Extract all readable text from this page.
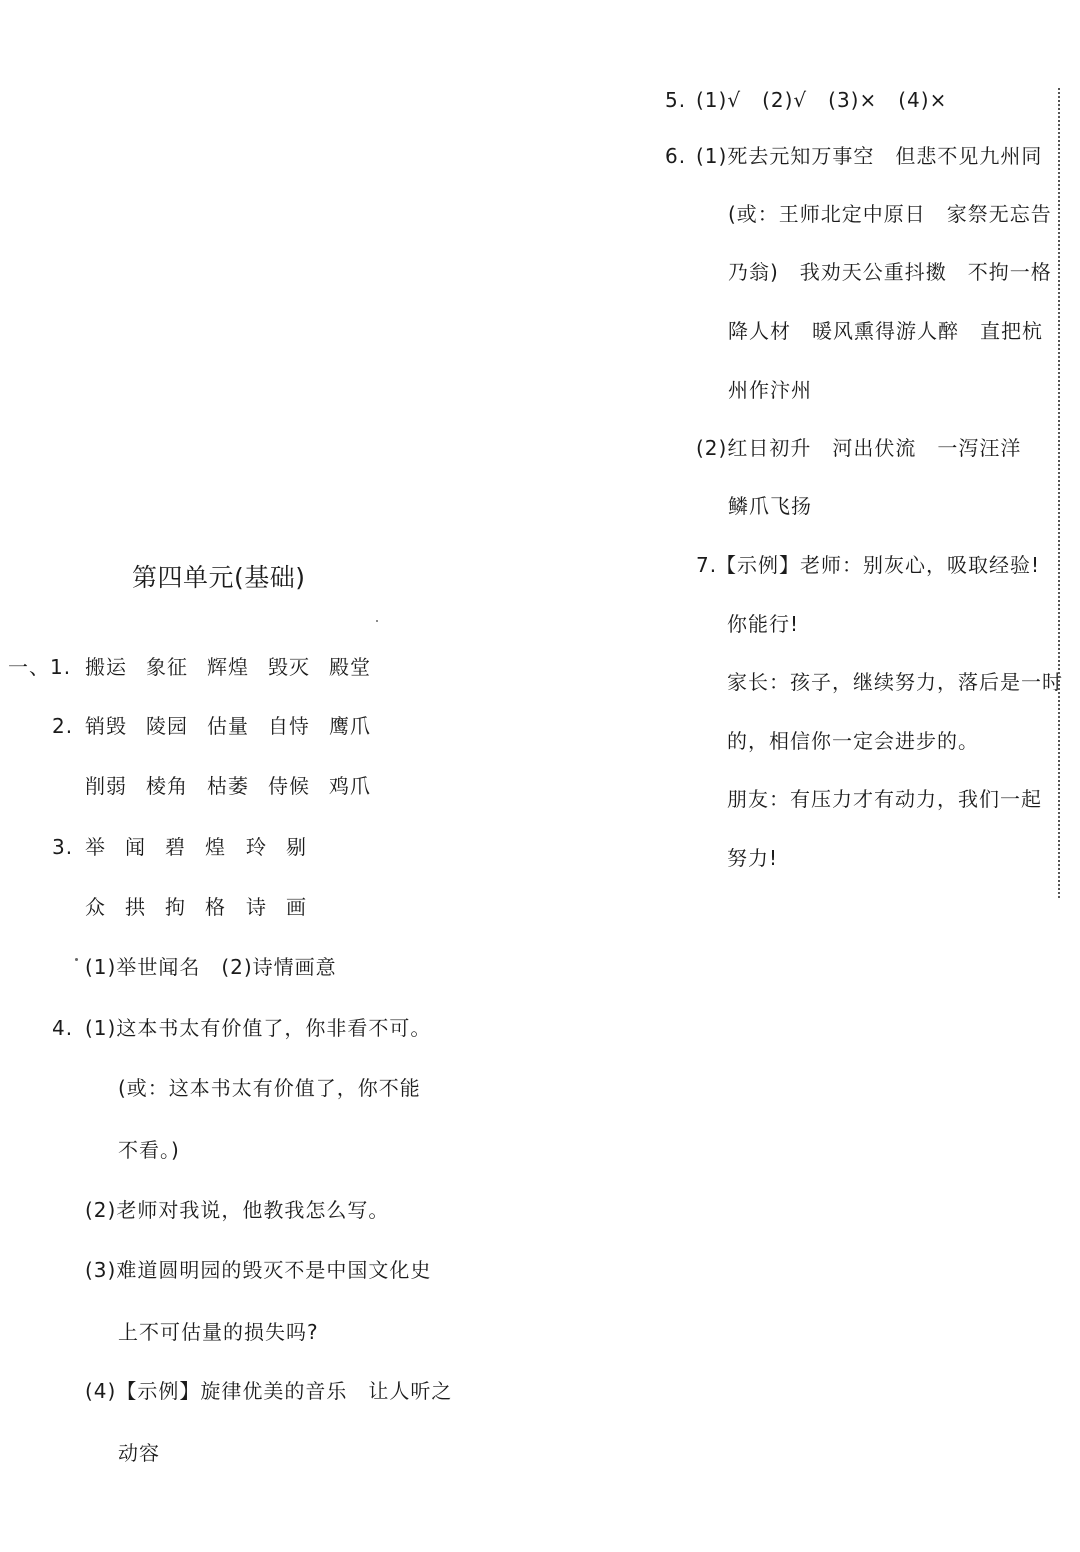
第四单元(基础)
一、1. 搬运 象征 辉煌 毁灭 殿堂
2. 销毁 陵园 估量 自恃 鹰爪
削弱 棱角 枯萎 侍候 鸡爪
3. 举 闻 碧 煌 玲 剔
众 拱 拘 格 诗 画
(1)举世闻名　(2)诗情画意
4. (1)这本书太有价值了，你非看不可。
(或：这本书太有价值了，你不能
不看。)
(2)老师对我说，他教我怎么写。
(3)难道圆明园的毁灭不是中国文化史
上不可估量的损失吗?
(4)【示例】旋律优美的音乐　让人听之
动容
5. (1)√　(2)√　(3)×　(4)×
6. (1)死去元知万事空　但悲不见九州同
(或：王师北定中原日　家祭无忘告
乃翁)　我劝天公重抖擞　不拘一格
降人材　暖风熏得游人醉　直把杭
州作汴州
(2)红日初升　河出伏流　一泻汪洋
鳞爪飞扬
7.
【示例】老师：别灰心，吸取经验!
你能行!
家长：孩子，继续努力，落后是一时
的，相信你一定会进步的。
朋友：有压力才有动力，我们一起
努力!
